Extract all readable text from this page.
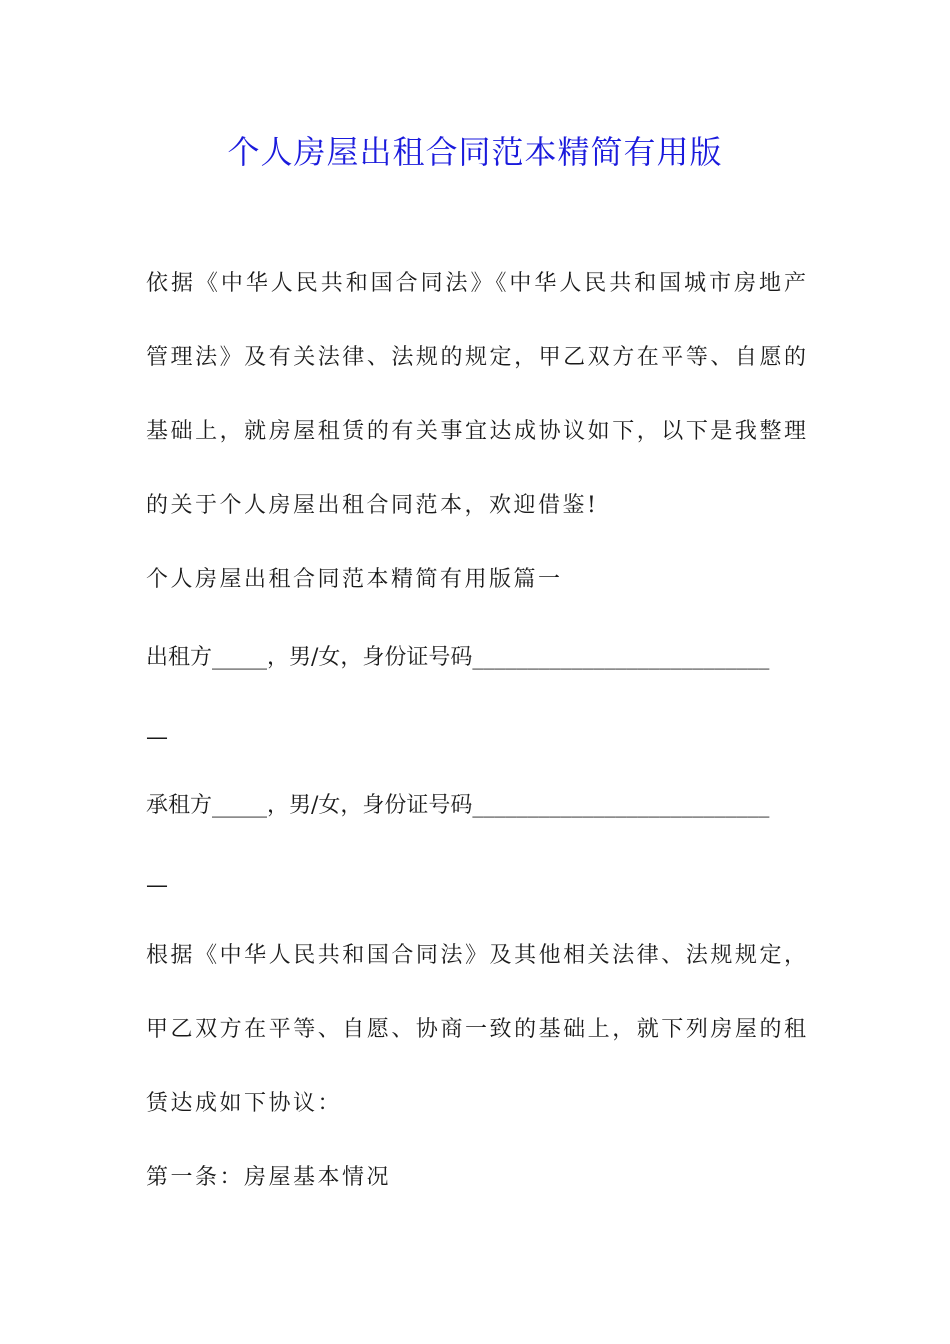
个人房屋出租合同范本精简有用版

依据《中华人民共和国合同法》《中华人民共和国城市房地产

管理法》及有关法律、法规的规定，甲乙双方在平等、自愿的

基础上，就房屋租赁的有关事宜达成协议如下，以下是我整理

的关于个人房屋出租合同范本，欢迎借鉴!

个人房屋出租合同范本精简有用版篇一

出租方_____，男/女，身份证号码___________________________

—

承租方_____，男/女，身份证号码___________________________

—

根据《中华人民共和国合同法》及其他相关法律、法规规定，

甲乙双方在平等、自愿、协商一致的基础上，就下列房屋的租

赁达成如下协议：

第一条：房屋基本情况
